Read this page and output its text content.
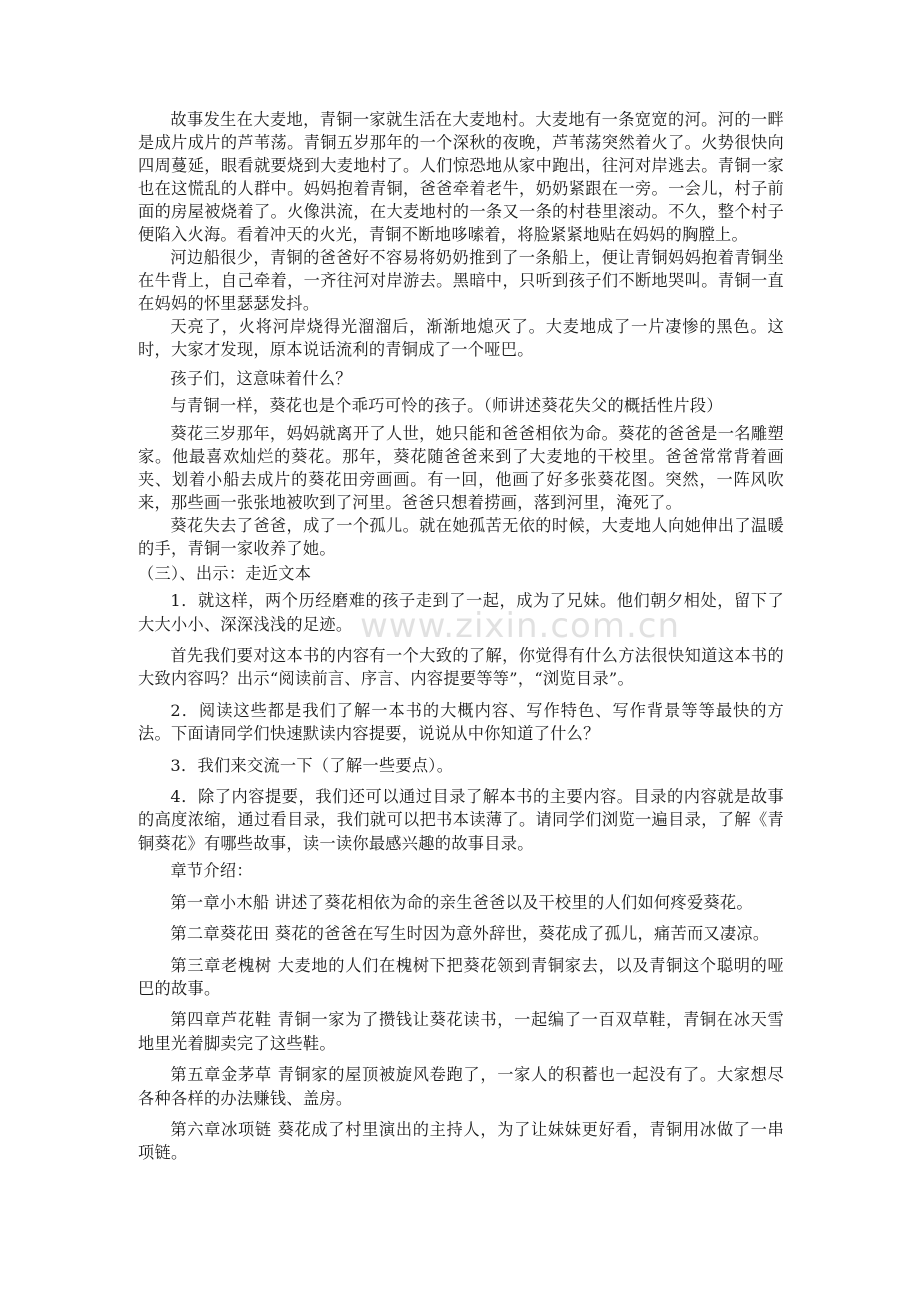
故事发生在大麦地，青铜一家就生活在大麦地村。大麦地有一条宽宽的河。河的一畔是成片成片的芦苇荡。青铜五岁那年的一个深秋的夜晚，芦苇荡突然着火了。火势很快向四周蔓延，眼看就要烧到大麦地村了。人们惊恐地从家中跑出，往河对岸逃去。青铜一家也在这慌乱的人群中。妈妈抱着青铜，爸爸牵着老牛，奶奶紧跟在一旁。一会儿，村子前面的房屋被烧着了。火像洪流，在大麦地村的一条又一条的村巷里滚动。不久，整个村子便陷入火海。看着冲天的火光，青铜不断地哆嗦着，将脸紧紧地贴在妈妈的胸膛上。

河边船很少，青铜的爸爸好不容易将奶奶推到了一条船上，便让青铜妈妈抱着青铜坐在牛背上，自己牵着，一齐往河对岸游去。黑暗中，只听到孩子们不断地哭叫。青铜一直在妈妈的怀里瑟瑟发抖。

天亮了，火将河岸烧得光溜溜后，渐渐地熄灭了。大麦地成了一片凄惨的黑色。这时，大家才发现，原本说话流利的青铜成了一个哑巴。

孩子们，这意味着什么？

与青铜一样，葵花也是个乖巧可怜的孩子。（师讲述葵花失父的概括性片段）

葵花三岁那年，妈妈就离开了人世，她只能和爸爸相依为命。葵花的爸爸是一名雕塑家。他最喜欢灿烂的葵花。那年，葵花随爸爸来到了大麦地的干校里。爸爸常常背着画夹、划着小船去成片的葵花田旁画画。有一回，他画了好多张葵花图。突然，一阵风吹来，那些画一张张地被吹到了河里。爸爸只想着捞画，落到河里，淹死了。

葵花失去了爸爸，成了一个孤儿。就在她孤苦无依的时候，大麦地人向她伸出了温暖的手，青铜一家收养了她。

（三）、出示：走近文本

1．就这样，两个历经磨难的孩子走到了一起，成为了兄妹。他们朝夕相处，留下了大大小小、深深浅浅的足迹。

首先我们要对这本书的内容有一个大致的了解，你觉得有什么方法很快知道这本书的大致内容吗？出示“阅读前言、序言、内容提要等等”，“浏览目录”。

2．阅读这些都是我们了解一本书的大概内容、写作特色、写作背景等等最快的方法。下面请同学们快速默读内容提要，说说从中你知道了什么？

3．我们来交流一下（了解一些要点）。

4．除了内容提要，我们还可以通过目录了解本书的主要内容。目录的内容就是故事的高度浓缩，通过看目录，我们就可以把书本读薄了。请同学们浏览一遍目录，了解《青铜葵花》有哪些故事，读一读你最感兴趣的故事目录。

章节介绍：

第一章小木船 讲述了葵花相依为命的亲生爸爸以及干校里的人们如何疼爱葵花。

第二章葵花田 葵花的爸爸在写生时因为意外辞世，葵花成了孤儿，痛苦而又凄凉。

第三章老槐树 大麦地的人们在槐树下把葵花领到青铜家去，以及青铜这个聪明的哑巴的故事。

第四章芦花鞋 青铜一家为了攒钱让葵花读书，一起编了一百双草鞋，青铜在冰天雪地里光着脚卖完了这些鞋。

第五章金茅草 青铜家的屋顶被旋风卷跑了，一家人的积蓄也一起没有了。大家想尽各种各样的办法赚钱、盖房。

第六章冰项链 葵花成了村里演出的主持人，为了让妹妹更好看，青铜用冰做了一串项链。

www.zixin.com.cn
